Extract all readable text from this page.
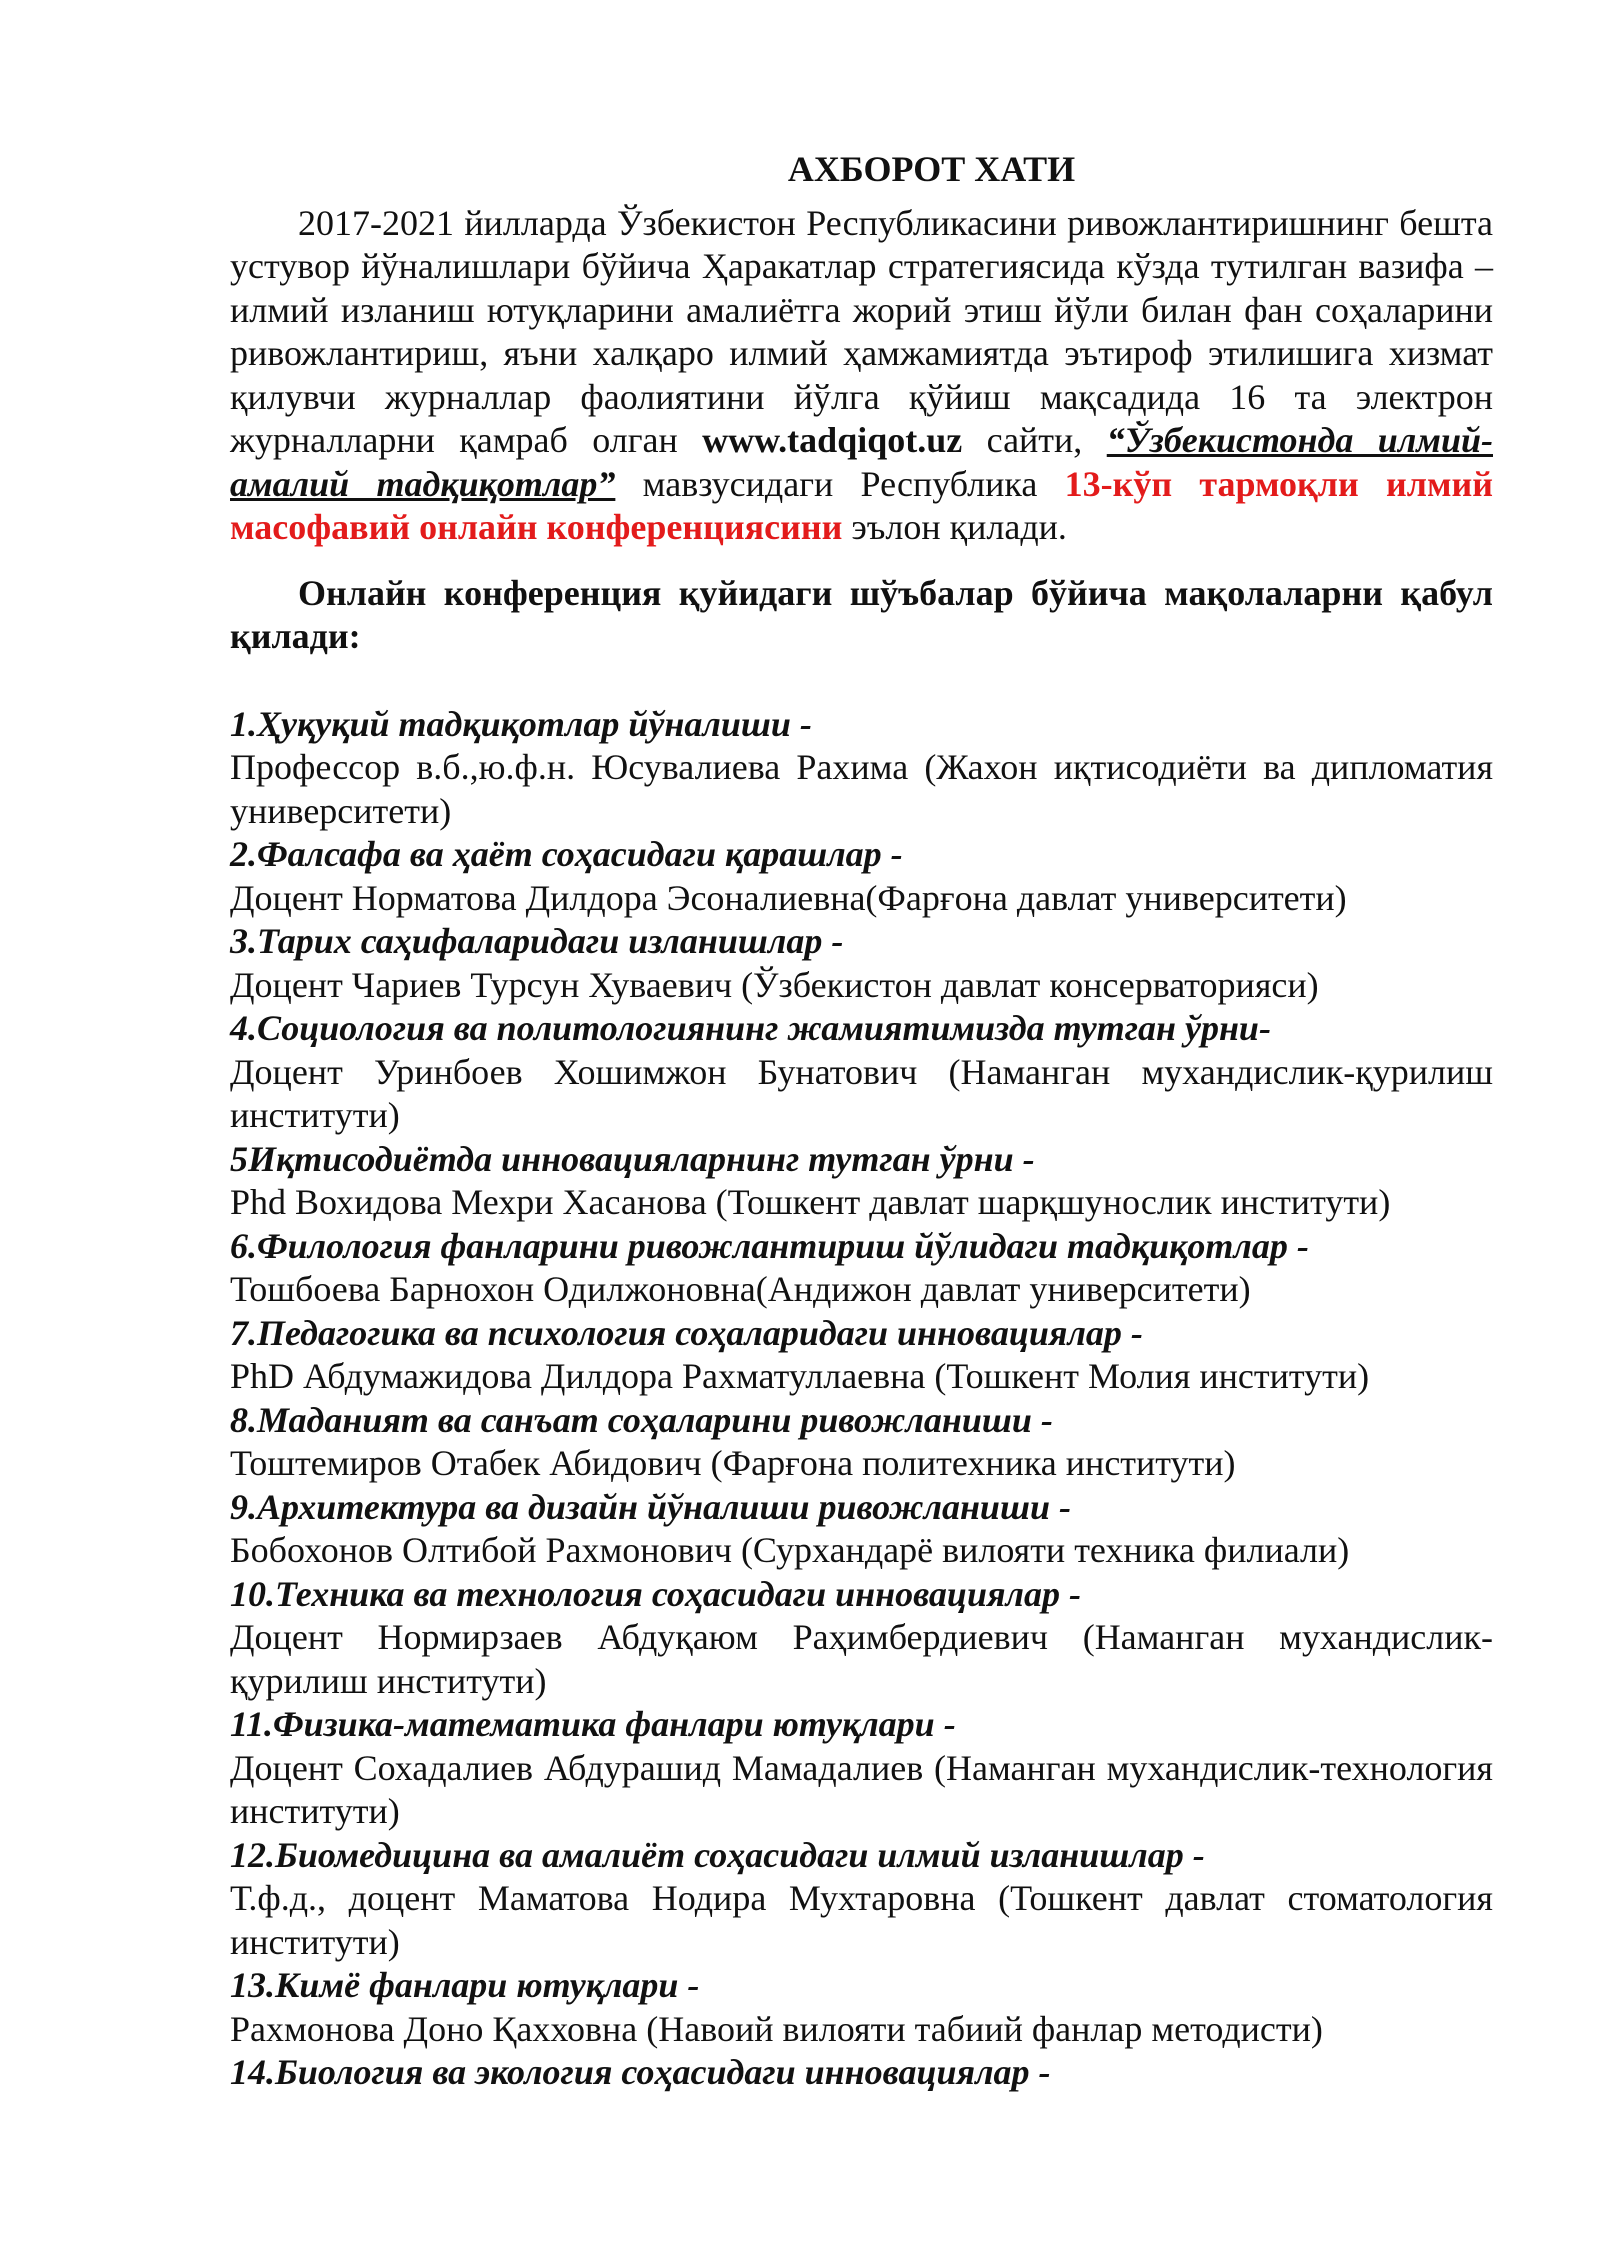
АХБОРОТ ХАТИ

2017-2021 йилларда Ўзбекистон Республикасини ривожлантиришнинг бешта устувор йўналишлари бўйича Ҳаракатлар стратегиясида кўзда тутилган вазифа – илмий изланиш ютуқларини амалиётга жорий этиш йўли билан фан соҳаларини ривожлантириш, яъни халқаро илмий ҳамжамиятда эътироф этилишига хизмат қилувчи журналлар фаолиятини йўлга қўйиш мақсадида 16 та электрон журналларни қамраб олган www.tadqiqot.uz сайти, “Ўзбекистонда илмий-амалий тадқиқотлар” мавзусидаги Республика 13-кўп тармоқли илмий масофавий онлайн конференциясини эълон қилади.

Онлайн конференция қуйидаги шўъбалар бўйича мақолаларни қабул қилади:

1.Ҳуқуқий тадқиқотлар йўналиши -

Профессор в.б.,ю.ф.н. Юсувалиева Рахима (Жахон иқтисодиёти ва дипломатия университети)

2.Фалсафа ва ҳаёт соҳасидаги қарашлар -

Доцент Норматова Дилдора Эсоналиевна(Фарғона давлат университети)

3.Тарих саҳифаларидаги изланишлар -

Доцент Чариев Турсун Хуваевич (Ўзбекистон давлат консерваторияси)

4.Социология ва политологиянинг жамиятимизда тутган ўрни-

Доцент Уринбоев Хошимжон Бунатович (Наманган мухандислик-қурилиш институти)

5Иқтисодиётда инновацияларнинг тутган ўрни -

Phd Вохидова Мехри Хасанова (Тошкент давлат шарқшунослик институти)

6.Филология фанларини ривожлантириш йўлидаги тадқиқотлар -

Тошбоева Барнохон Одилжоновна(Андижон давлат университети)

7.Педагогика ва психология соҳаларидаги инновациялар -

PhD Абдумажидова Дилдора Рахматуллаевна (Тошкент Молия институти)

8.Маданият ва санъат соҳаларини ривожланиши -

Тоштемиров Отабек Абидович (Фарғона политехника институти)

9.Архитектура ва дизайн йўналиши ривожланиши -

Бобохонов Олтибой Рахмонович (Сурхандарё вилояти техника филиали)

10.Техника ва технология соҳасидаги инновациялар -

Доцент Нормирзаев Абдуқаюм Раҳимбердиевич (Наманган мухандислик-қурилиш институти)

11.Физика-математика фанлари ютуқлари -

Доцент Сохадалиев Абдурашид Мамадалиев (Наманган мухандислик-технология институти)

12.Биомедицина ва амалиёт соҳасидаги илмий изланишлар -

Т.ф.д., доцент Маматова Нодира Мухтаровна (Тошкент давлат стоматология институти)

13.Кимё фанлари ютуқлари -

Рахмонова Доно Қахховна (Навоий вилояти табиий фанлар методисти)

14.Биология ва экология соҳасидаги инновациялар -
